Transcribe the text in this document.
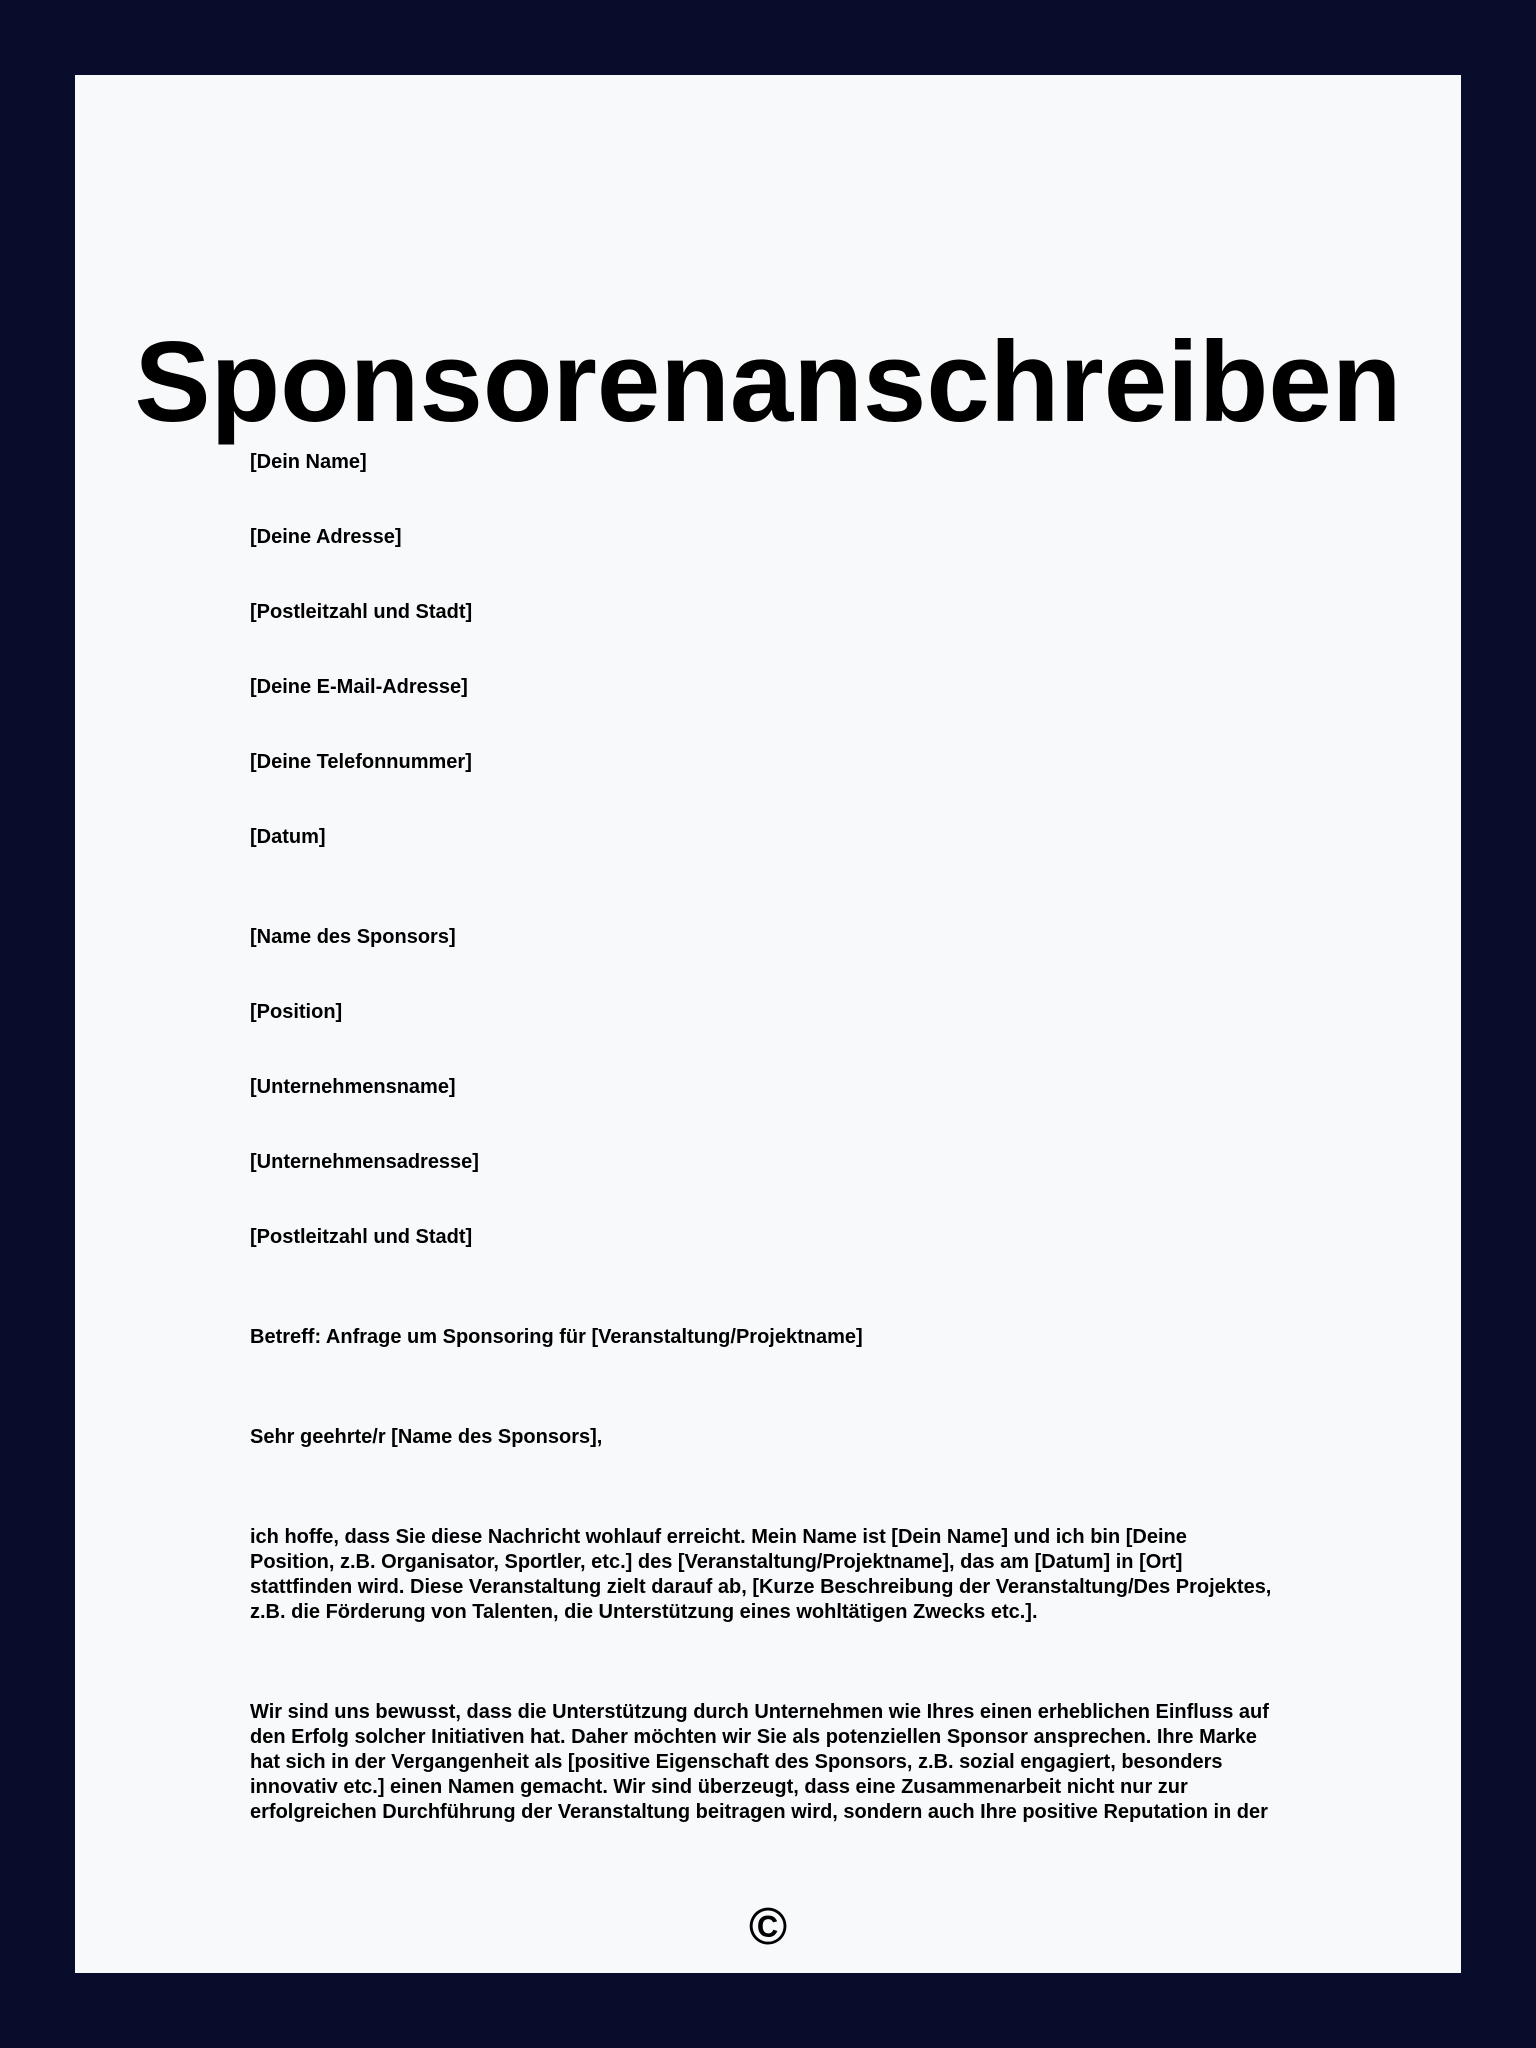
Sponsorenanschreiben
[Dein Name]
[Deine Adresse]
[Postleitzahl und Stadt]
[Deine E-Mail-Adresse]
[Deine Telefonnummer]
[Datum]
[Name des Sponsors]
[Position]
[Unternehmensname]
[Unternehmensadresse]
[Postleitzahl und Stadt]
Betreff: Anfrage um Sponsoring für [Veranstaltung/Projektname]
Sehr geehrte/r [Name des Sponsors],
ich hoffe, dass Sie diese Nachricht wohlauf erreicht. Mein Name ist [Dein Name] und ich bin [Deine
Position, z.B. Organisator, Sportler, etc.] des [Veranstaltung/Projektname], das am [Datum] in [Ort]
stattfinden wird. Diese Veranstaltung zielt darauf ab, [Kurze Beschreibung der Veranstaltung/Des Projektes,
z.B. die Förderung von Talenten, die Unterstützung eines wohltätigen Zwecks etc.].
Wir sind uns bewusst, dass die Unterstützung durch Unternehmen wie Ihres einen erheblichen Einfluss auf
den Erfolg solcher Initiativen hat. Daher möchten wir Sie als potenziellen Sponsor ansprechen. Ihre Marke
hat sich in der Vergangenheit als [positive Eigenschaft des Sponsors, z.B. sozial engagiert, besonders
innovativ etc.] einen Namen gemacht. Wir sind überzeugt, dass eine Zusammenarbeit nicht nur zur
erfolgreichen Durchführung der Veranstaltung beitragen wird, sondern auch Ihre positive Reputation in der
©
